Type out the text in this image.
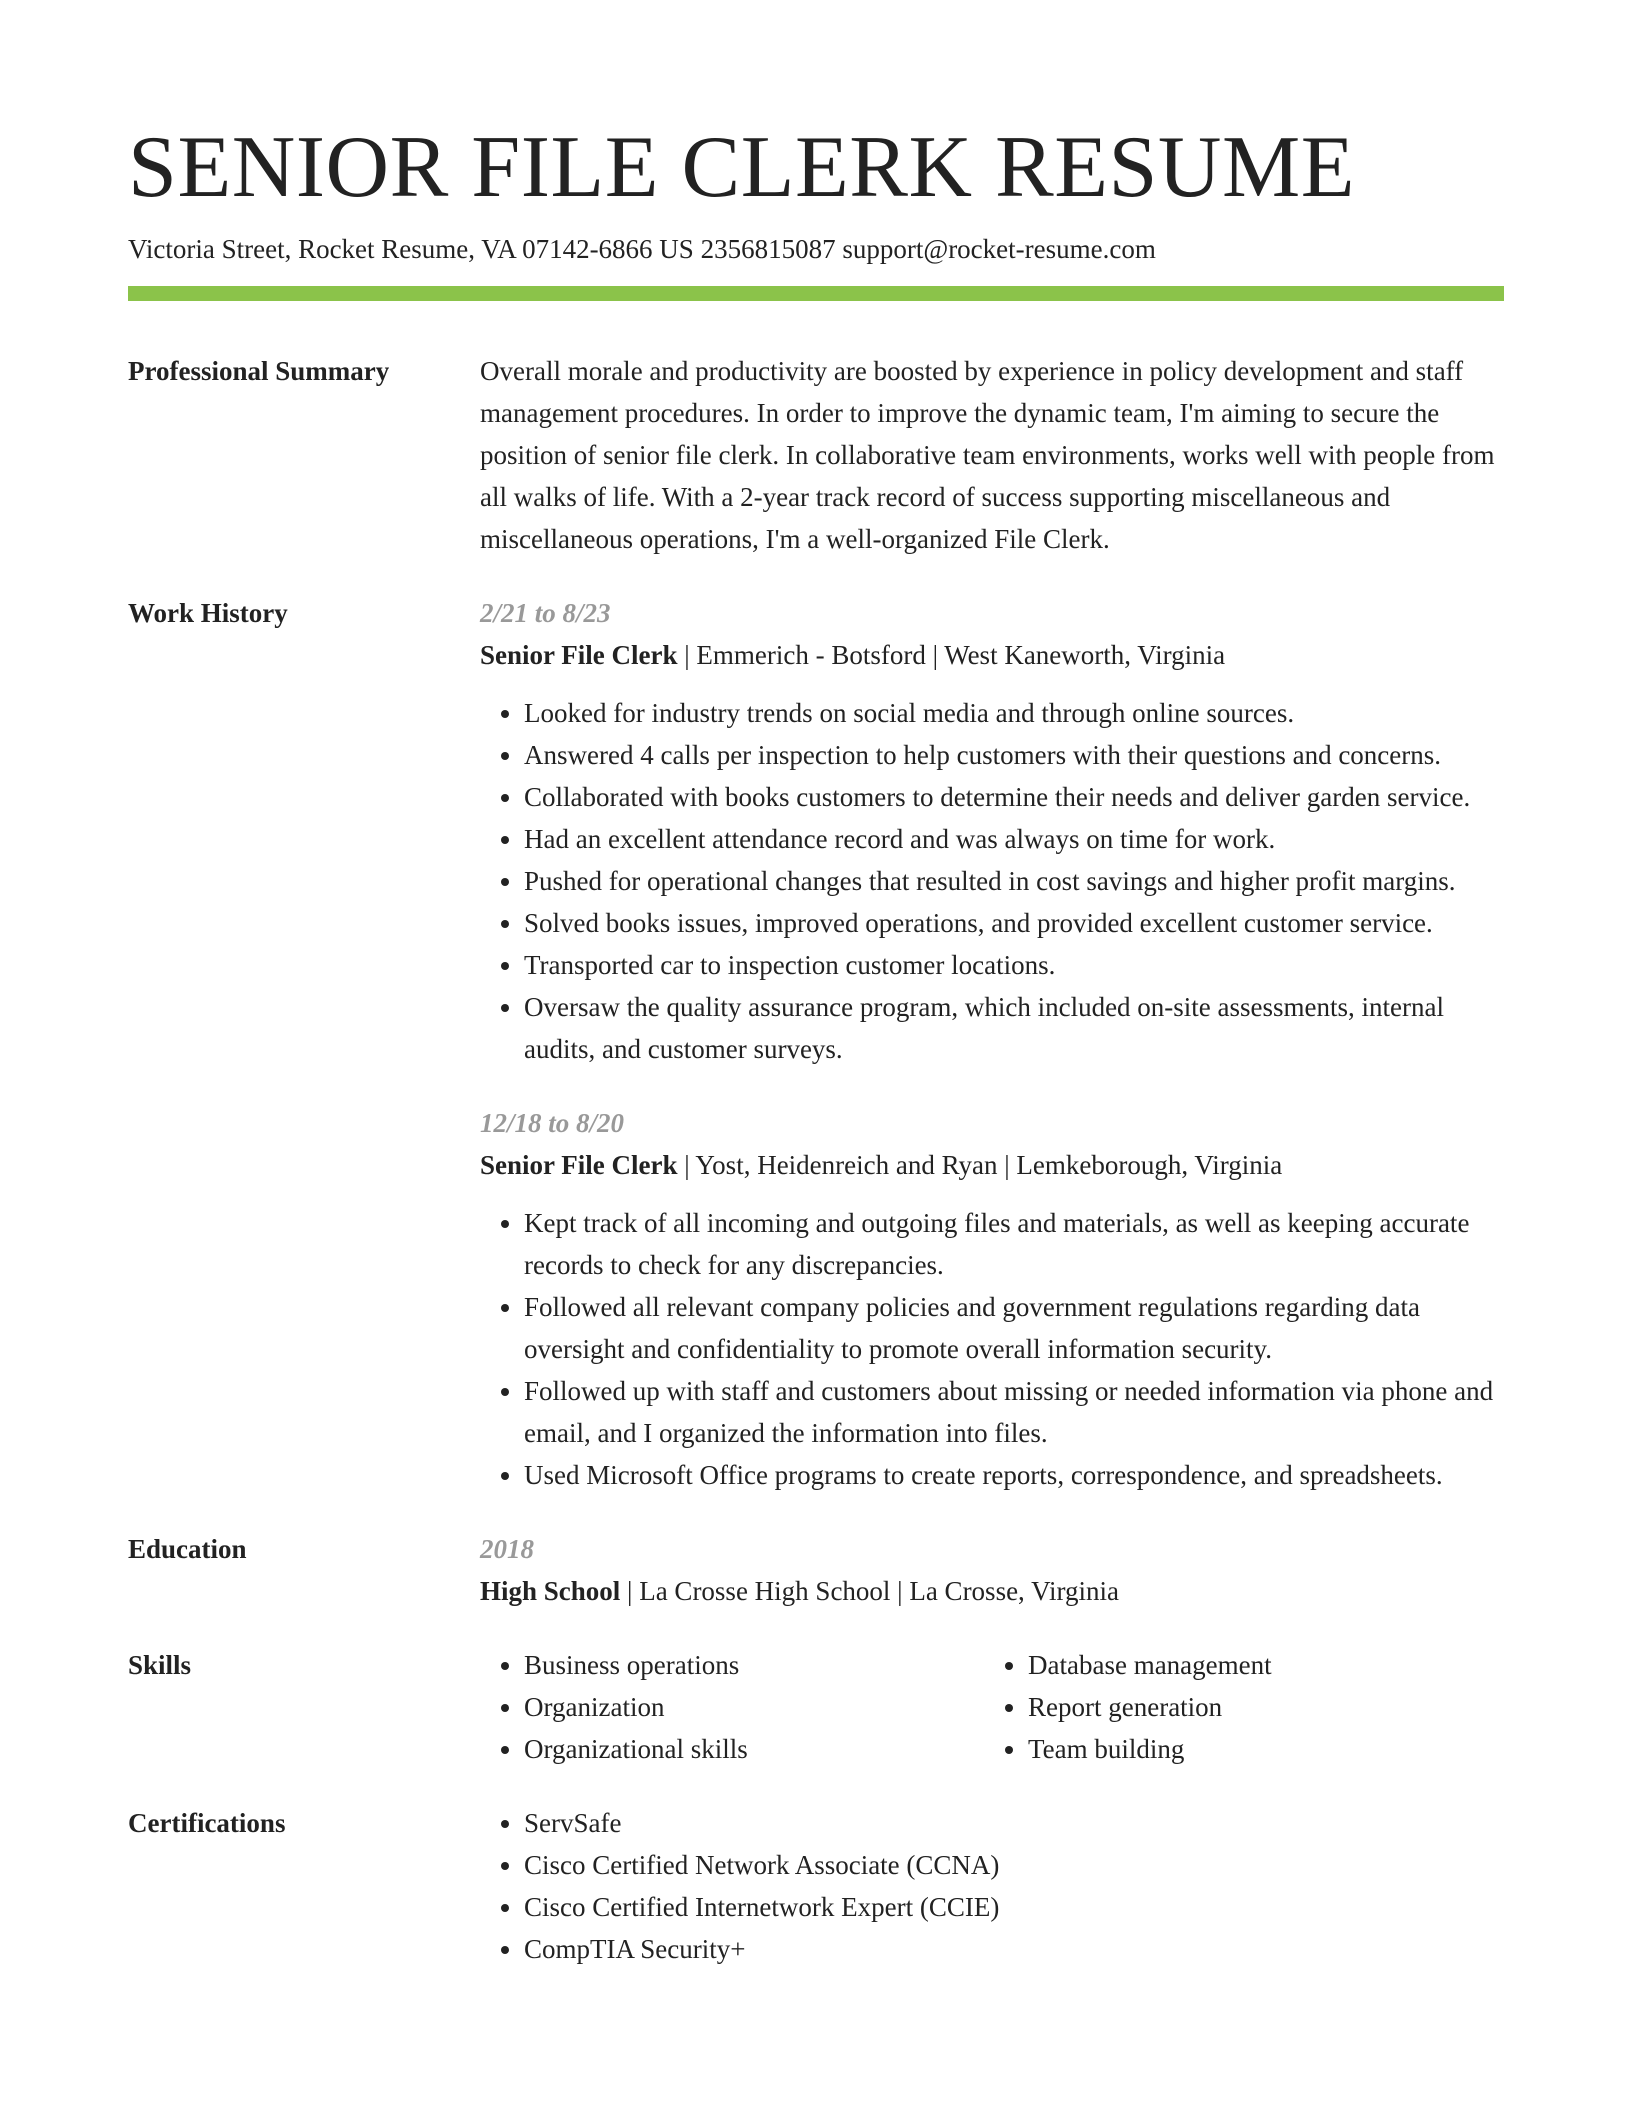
SENIOR FILE CLERK RESUME
Victoria Street, Rocket Resume, VA 07142-6866 US 2356815087 support@rocket-resume.com
Professional Summary	Overall morale and productivity are boosted by experience in policy development and staff management procedures. In order to improve the dynamic team, I'm aiming to secure the position of senior file clerk. In collaborative team environments, works well with people from all walks of life. With a 2-year track record of success supporting miscellaneous and miscellaneous operations, I'm a well-organized File Clerk.

Work History	2/21 to 8/23
Senior File Clerk | Emmerich - Botsford | West Kaneworth, Virginia
• Looked for industry trends on social media and through online sources.
• Answered 4 calls per inspection to help customers with their questions and concerns.
• Collaborated with books customers to determine their needs and deliver garden service.
• Had an excellent attendance record and was always on time for work.
• Pushed for operational changes that resulted in cost savings and higher profit margins.
• Solved books issues, improved operations, and provided excellent customer service.
• Transported car to inspection customer locations.
• Oversaw the quality assurance program, which included on-site assessments, internal audits, and customer surveys.
12/18 to 8/20
Senior File Clerk | Yost, Heidenreich and Ryan | Lemkeborough, Virginia
• Kept track of all incoming and outgoing files and materials, as well as keeping accurate records to check for any discrepancies.
• Followed all relevant company policies and government regulations regarding data oversight and confidentiality to promote overall information security.
• Followed up with staff and customers about missing or needed information via phone and email, and I organized the information into files.
• Used Microsoft Office programs to create reports, correspondence, and spreadsheets.
Education	2018
High School | La Crosse High School | La Crosse, Virginia
Skills	• Business operations
• Organization
• Organizational skills
• Database management
• Report generation
• Team building
Certifications	• ServSafe
• Cisco Certified Network Associate (CCNA)
• Cisco Certified Internetwork Expert (CCIE)
• CompTIA Security+
